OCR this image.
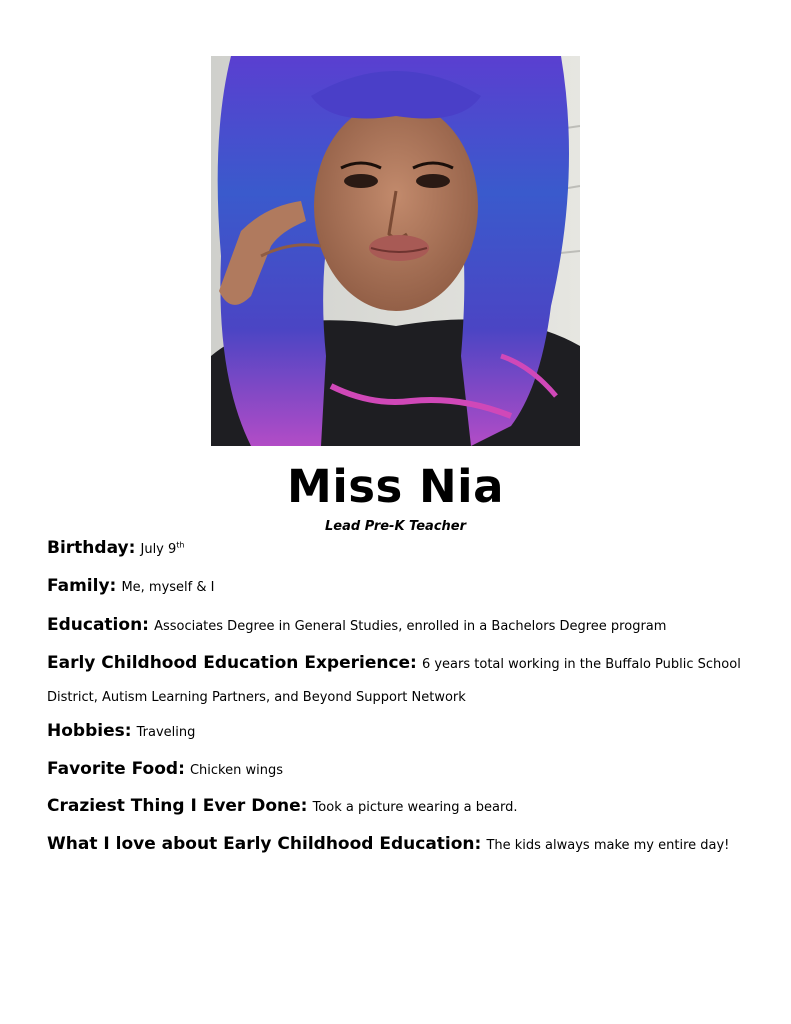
Miss Nia
Lead Pre-K Teacher
Birthday: July 9th
Family: Me, myself & I
Education: Associates Degree in General Studies, enrolled in a Bachelors Degree program
Early Childhood Education Experience: 6 years total working in the Buffalo Public School
District, Autism Learning Partners, and Beyond Support Network
Hobbies: Traveling
Favorite Food: Chicken wings
Craziest Thing I Ever Done: Took a picture wearing a beard.
What I love about Early Childhood Education: The kids always make my entire day!
